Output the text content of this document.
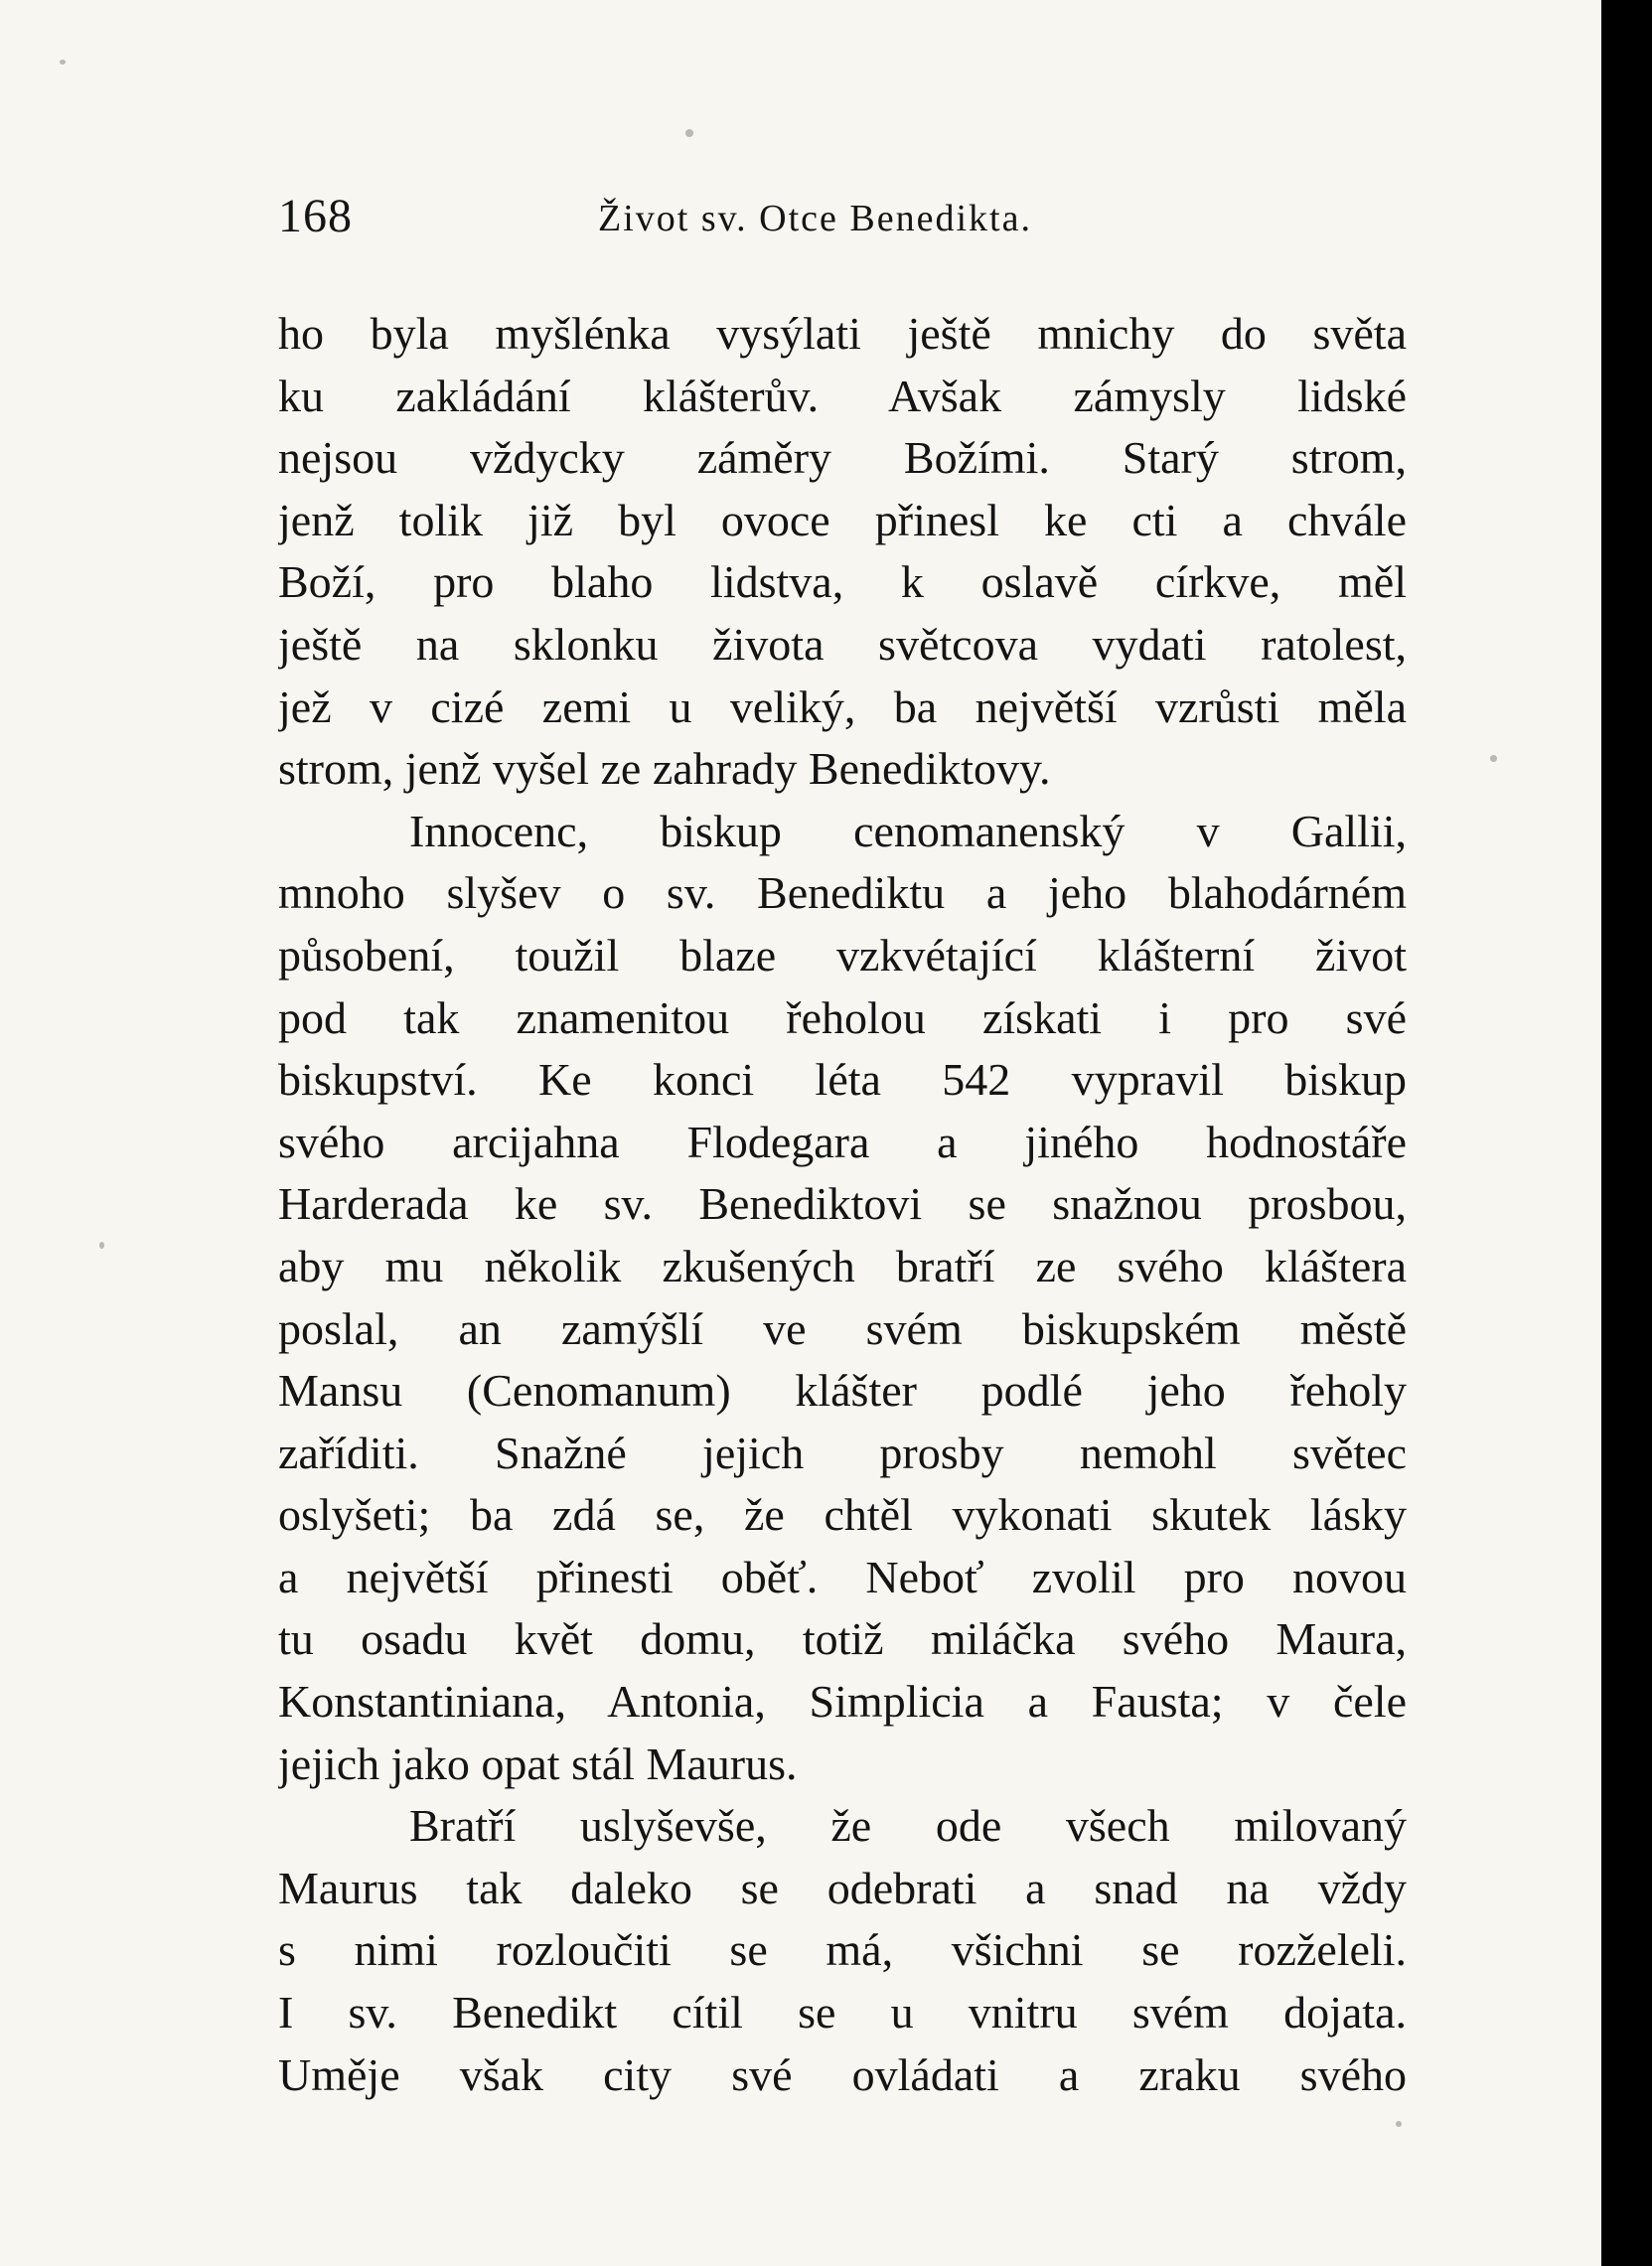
168	Život sv. Otce Benedikta.
ho byla myšlénka vysýlati ještě mnichy do světa
ku zakládání klášterův. Avšak zámysly lidské
nejsou vždycky záměry Božími. Starý strom,
jenž tolik již byl ovoce přinesl ke cti a chvále
Boží, pro blaho lidstva, k oslavě církve, měl
ještě na sklonku života světcova vydati ratolest,
jež v cizé zemi u veliký, ba největší vzrůsti měla
strom, jenž vyšel ze zahrady Benediktovy.
Innocenc, biskup cenomanenský v Gallii,
mnoho slyšev o sv. Benediktu a jeho blahodárném
působení, toužil blaze vzkvétající klášterní život
pod tak znamenitou řeholou získati i pro své
biskupství. Ke konci léta 542 vypravil biskup
svého arcijahna Flodegara a jiného hodnostáře
Harderada ke sv. Benediktovi se snažnou prosbou,
aby mu několik zkušených bratří ze svého kláštera
poslal, an zamýšlí ve svém biskupském městě
Mansu (Cenomanum) klášter podlé jeho řeholy
zaříditi. Snažné jejich prosby nemohl světec
oslyšeti; ba zdá se, že chtěl vykonati skutek lásky
a největší přinesti oběť. Neboť zvolil pro novou
tu osadu květ domu, totiž miláčka svého Maura,
Konstantiniana, Antonia, Simplicia a Fausta; v čele
jejich jako opat stál Maurus.
Bratří uslyševše, že ode všech milovaný
Maurus tak daleko se odebrati a snad na vždy
s nimi rozloučiti se má, všichni se rozželeli.
I sv. Benedikt cítil se u vnitru svém dojata.
Uměje však city své ovládati a zraku svého
